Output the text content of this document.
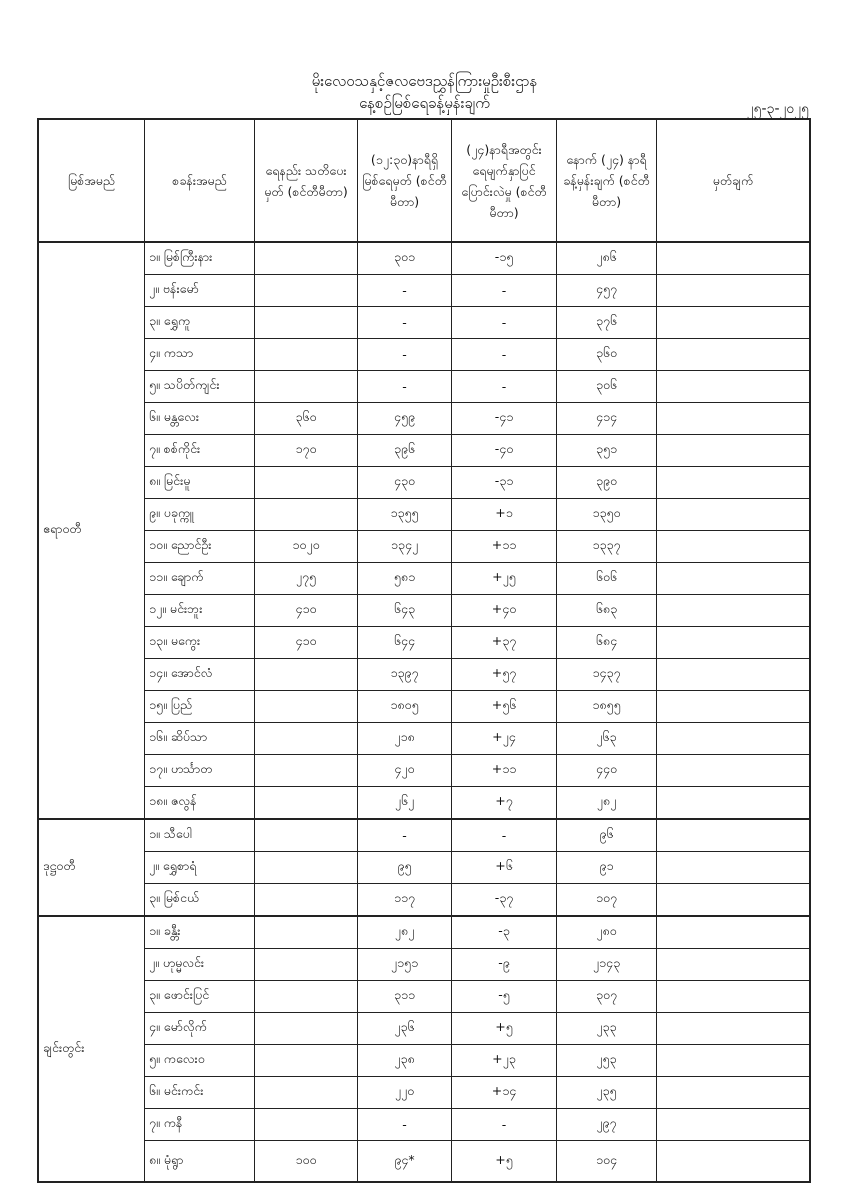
မိုးလေဝသနှင့်ဇလဗေဒညွှန်ကြားမှုဦးစီးဌာန
နေ့စဉ်မြစ်ရေခန့်မှန်းချက်	၂၅-၃-၂၀၂၅
မြစ်အမည်	စခန်းအမည်	ရေနည်း သတိပေးမှတ် (စင်တီမီတာ)	(၁၂:၃၀)နာရီရှိ မြစ်ရေမှတ် (စင်တီမီတာ)	(၂၄)နာရီအတွင်း ရေမျက်နှာပြင် ပြောင်းလဲမှု (စင်တီမီတာ)	နောက် (၂၄) နာရီ ခန့်မှန်းချက် (စင်တီမီတာ)	မှတ်ချက်
ဧရာဝတီ	၁။ မြစ်ကြီးနား		၃၀၁	-၁၅	၂၈၆	
	၂။ ဗန်းမော်		-	-	၄၅၇	
	၃။ ရွှေကူ		-	-	၃၇၆	
	၄။ ကသာ		-	-	၃၆၀	
	၅။ သပိတ်ကျင်း		-	-	၃၀၆	
	၆။ မန္တလေး	၃၆၀	၄၅၉	-၄၁	၄၁၄	
	၇။ စစ်ကိုင်း	၁၇၀	၃၉၆	-၄၀	၃၅၁	
	၈။ မြင်းမူ		၄၃၀	-၃၁	၃၉၀	
	၉။ ပခုက္ကူ		၁၃၅၅	+၁	၁၃၅၀	
	၁၀။ ညောင်ဦး	၁၀၂၀	၁၃၄၂	+၁၁	၁၃၃၇	
	၁၁။ ချောက်	၂၇၅	၅၈၁	+၂၅	၆၀၆	
	၁၂။ မင်းဘူး	၄၁၀	၆၄၃	+၄၀	၆၈၃	
	၁၃။ မကွေး	၄၁၀	၆၄၄	+၃၇	၆၈၄	
	၁၄။ အောင်လံ		၁၃၉၇	+၅၇	၁၄၃၇	
	၁၅။ ပြည်		၁၈၀၅	+၅၆	၁၈၅၅	
	၁၆။ ဆိပ်သာ		၂၁၈	+၂၄	၂၆၃	
	၁၇။ ဟင်္သာတ		၄၂၀	+၁၁	၄၄၀	
	၁၈။ ဇလွန်		၂၆၂	+၇	၂၈၂	
ဒုဋ္ဌဝတီ	၁။ သီပေါ		-	-	၉၆	
	၂။ ရွှေစာရံ		၉၅	+၆	၉၁	
	၃။ မြစ်ငယ်		၁၁၇	-၃၇	၁၀၇	
ချင်းတွင်း	၁။ ခန္တီး		၂၈၂	-၃	၂၈၀	
	၂။ ဟုမ္မလင်း		၂၁၅၁	-၉	၂၁၄၃	
	၃။ ဖောင်းပြင်		၃၁၁	-၅	၃၀၇	
	၄။ မော်လိုက်		၂၃၆	+၅	၂၃၃	
	၅။ ကလေးဝ		၂၃၈	+၂၃	၂၅၃	
	၆။ မင်းကင်း		၂၂၀	+၁၄	၂၃၅	
	၇။ ကနီ		-	-	၂၉၇	
	၈။ မုံရွာ	၁၀၀	၉၄*	+၅	၁၀၄	
